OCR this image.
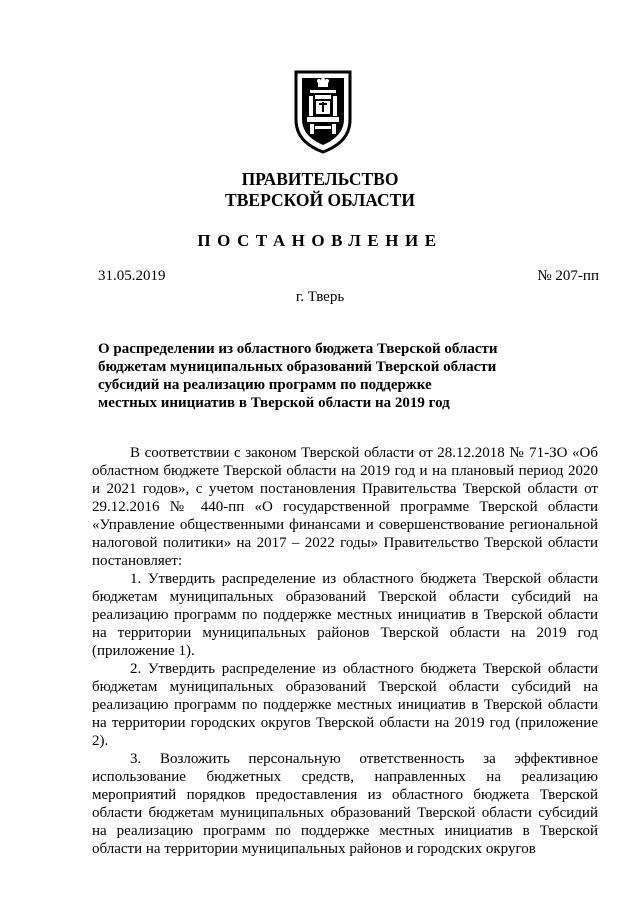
ПРАВИТЕЛЬСТВО
ТВЕРСКОЙ ОБЛАСТИ
ПОСТАНОВЛЕНИЕ
31.05.2019	№ 207-пп
г. Тверь
О распределении из областного бюджета Тверской области
бюджетам муниципальных образований Тверской области
субсидий на реализацию программ по поддержке
местных инициатив в Тверской области на 2019 год

В соответствии с законом Тверской области от 28.12.2018 № 71-ЗО «Об областном бюджете Тверской области на 2019 год и на плановый период 2020 и 2021 годов», с учетом постановления Правительства Тверской области от 29.12.2016 № 440-пп «О государственной программе Тверской области «Управление общественными финансами и совершенствование региональной налоговой политики» на 2017 – 2022 годы» Правительство Тверской области постановляет:

1. Утвердить распределение из областного бюджета Тверской области бюджетам муниципальных образований Тверской области субсидий на реализацию программ по поддержке местных инициатив в Тверской области на территории муниципальных районов Тверской области на 2019 год (приложение 1).

2. Утвердить распределение из областного бюджета Тверской области бюджетам муниципальных образований Тверской области субсидий на реализацию программ по поддержке местных инициатив в Тверской области на территории городских округов Тверской области на 2019 год (приложение 2).

3. Возложить персональную ответственность за эффективное использование бюджетных средств, направленных на реализацию мероприятий порядков предоставления из областного бюджета Тверской области бюджетам муниципальных образований Тверской области субсидий на реализацию программ по поддержке местных инициатив в Тверской области на территории муниципальных районов и городских округов
